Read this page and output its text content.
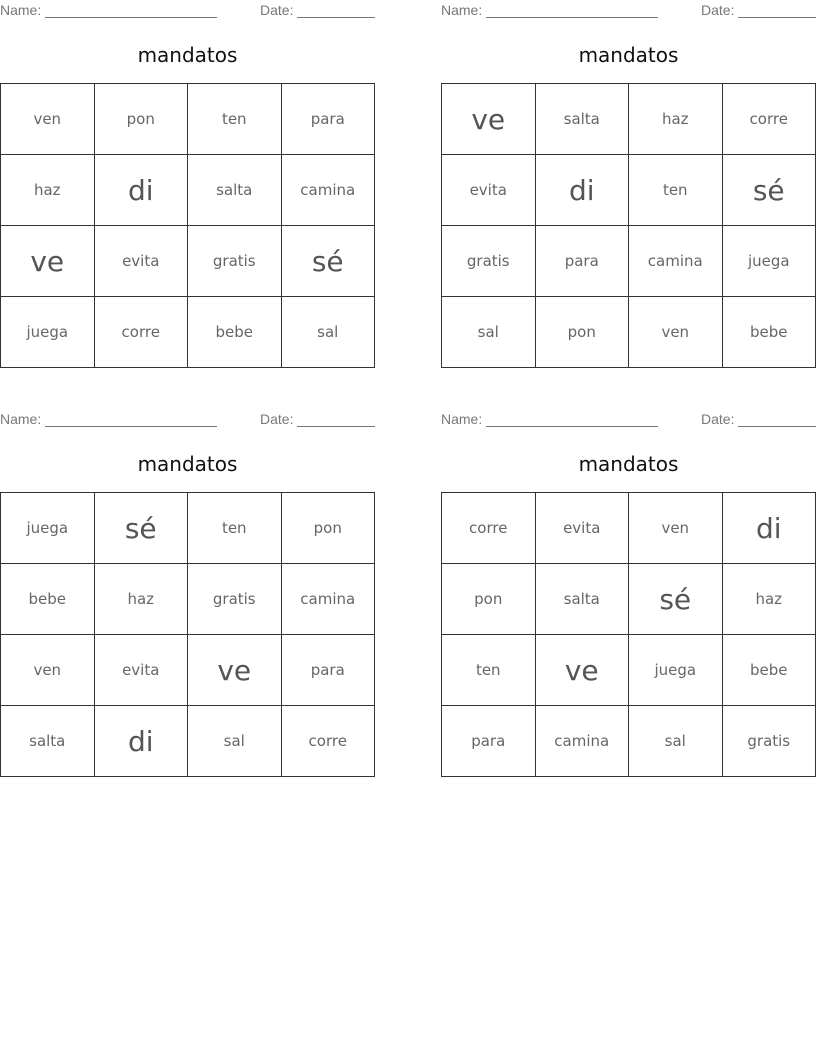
Name:	Date:
mandatos
ven	pon	ten	para
haz	di	salta	camina
ve	evita	gratis	sé
juega	corre	bebe	sal
Name:	Date:
mandatos
ve	salta	haz	corre
evita	di	ten	sé
gratis	para	camina	juega
sal	pon	ven	bebe
Name:	Date:
mandatos
juega	sé	ten	pon
bebe	haz	gratis	camina
ven	evita	ve	para
salta	di	sal	corre
Name:	Date:
mandatos
corre	evita	ven	di
pon	salta	sé	haz
ten	ve	juega	bebe
para	camina	sal	gratis
